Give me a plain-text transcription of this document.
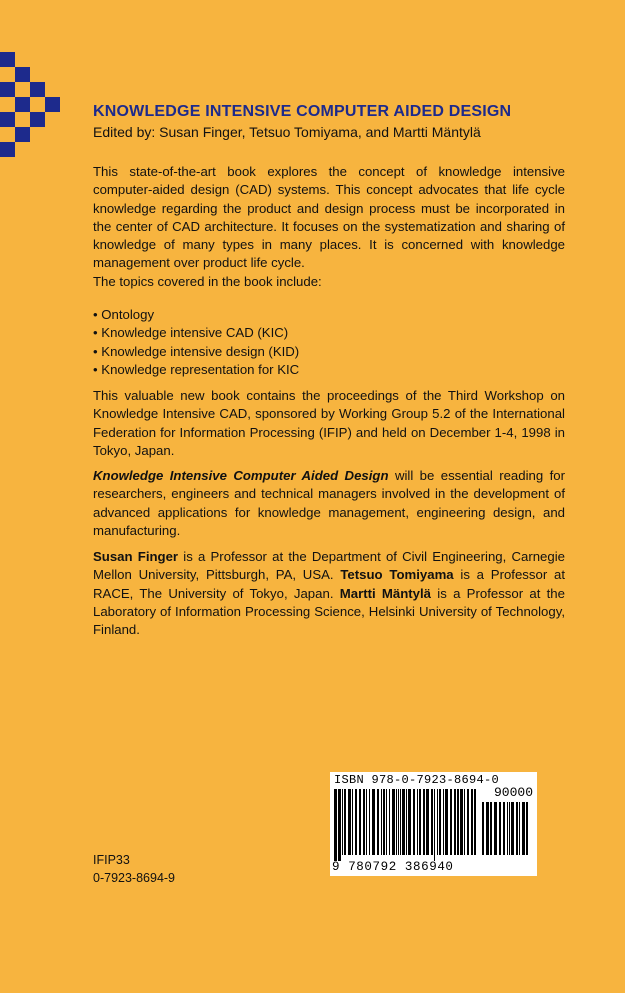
KNOWLEDGE INTENSIVE COMPUTER AIDED DESIGN
Edited by: Susan Finger, Tetsuo Tomiyama, and Martti Mäntylä

This state-of-the-art book explores the concept of knowledge intensive computer-aided design (CAD) systems. This concept advocates that life cycle knowledge regarding the product and design process must be incorporated in the center of CAD architecture. It focuses on the systematization and sharing of knowledge of many types in many places. It is concerned with knowledge management over product life cycle.

The topics covered in the book include:

• Ontology
• Knowledge intensive CAD (KIC)
• Knowledge intensive design (KID)
• Knowledge representation for KIC

This valuable new book contains the proceedings of the Third Workshop on Knowledge Intensive CAD, sponsored by Working Group 5.2 of the International Federation for Information Processing (IFIP) and held on December 1-4, 1998 in Tokyo, Japan.

Knowledge Intensive Computer Aided Design will be essential reading for researchers, engineers and technical managers involved in the development of advanced applications for knowledge management, engineering design, and manufacturing.

Susan Finger is a Professor at the Department of Civil Engineering, Carnegie Mellon University, Pittsburgh, PA, USA. Tetsuo Tomiyama is a Professor at RACE, The University of Tokyo, Japan. Martti Mäntylä is a Professor at the Laboratory of Information Processing Science, Helsinki University of Technology, Finland.

ISBN 978-0-7923-8694-0
90000
9 780792 386940
IFIP33
0-7923-8694-9
